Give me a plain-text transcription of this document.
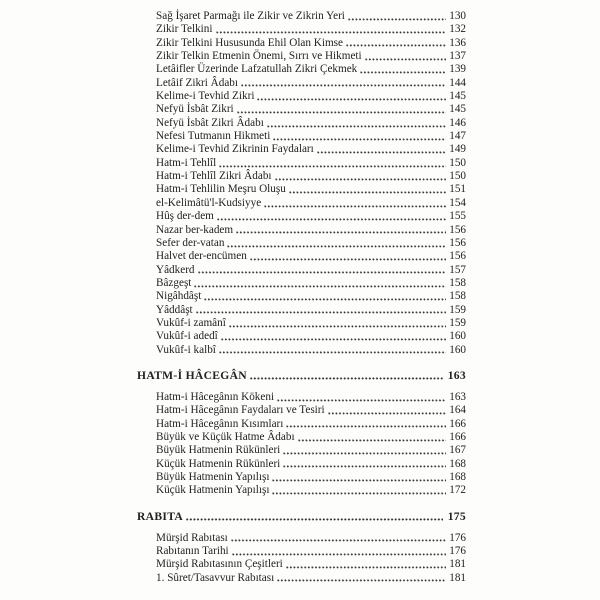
Sağ İşaret Parmağı ile Zikir ve Zikrin Yeri	130
Zikir Telkini	132
Zikir Telkini Hususunda Ehil Olan Kimse	136
Zikir Telkin Etmenin Önemi, Sırrı ve Hikmeti	137
Letâifler Üzerinde Lafzatullah Zikri Çekmek	139
Letâif Zikri Âdabı	144
Kelime-i Tevhid Zikri	145
Nefyü İsbât Zikri	145
Nefyü İsbât Zikri Âdabı	146
Nefesi Tutmanın Hikmeti	147
Kelime-i Tevhid Zikrinin Faydaları	149
Hatm-i Tehlîl	150
Hatm-i Tehlîl Zikri Âdabı	150
Hatm-i Tehlilin Meşru Oluşu	151
el-Kelimâtü'l-Kudsiyye	154
Hûş der-dem	155
Nazar ber-kadem	156
Sefer der-vatan	156
Halvet der-encümen	156
Yâdkerd	157
Bâzgeşt	158
Nigâhdâşt	158
Yâddâşt	159
Vukûf-i zamânî	159
Vukûf-i adedî	160
Vukûf-i kalbî	160
HATM-İ HÂCEGÂN	163
Hatm-i Hâcegânın Kökeni	163
Hatm-i Hâcegânın Faydaları ve Tesiri	164
Hatm-i Hâcegânın Kısımları	166
Büyük ve Küçük Hatme Âdabı	166
Büyük Hatmenin Rükünleri	167
Küçük Hatmenin Rükünleri	168
Büyük Hatmenin Yapılışı	168
Küçük Hatmenin Yapılışı	172
RABITA	175
Mürşid Rabıtası	176
Rabıtanın Tarihi	176
Mürşid Rabıtasının Çeşitleri	181
1. Sûret/Tasavvur Rabıtası	181
